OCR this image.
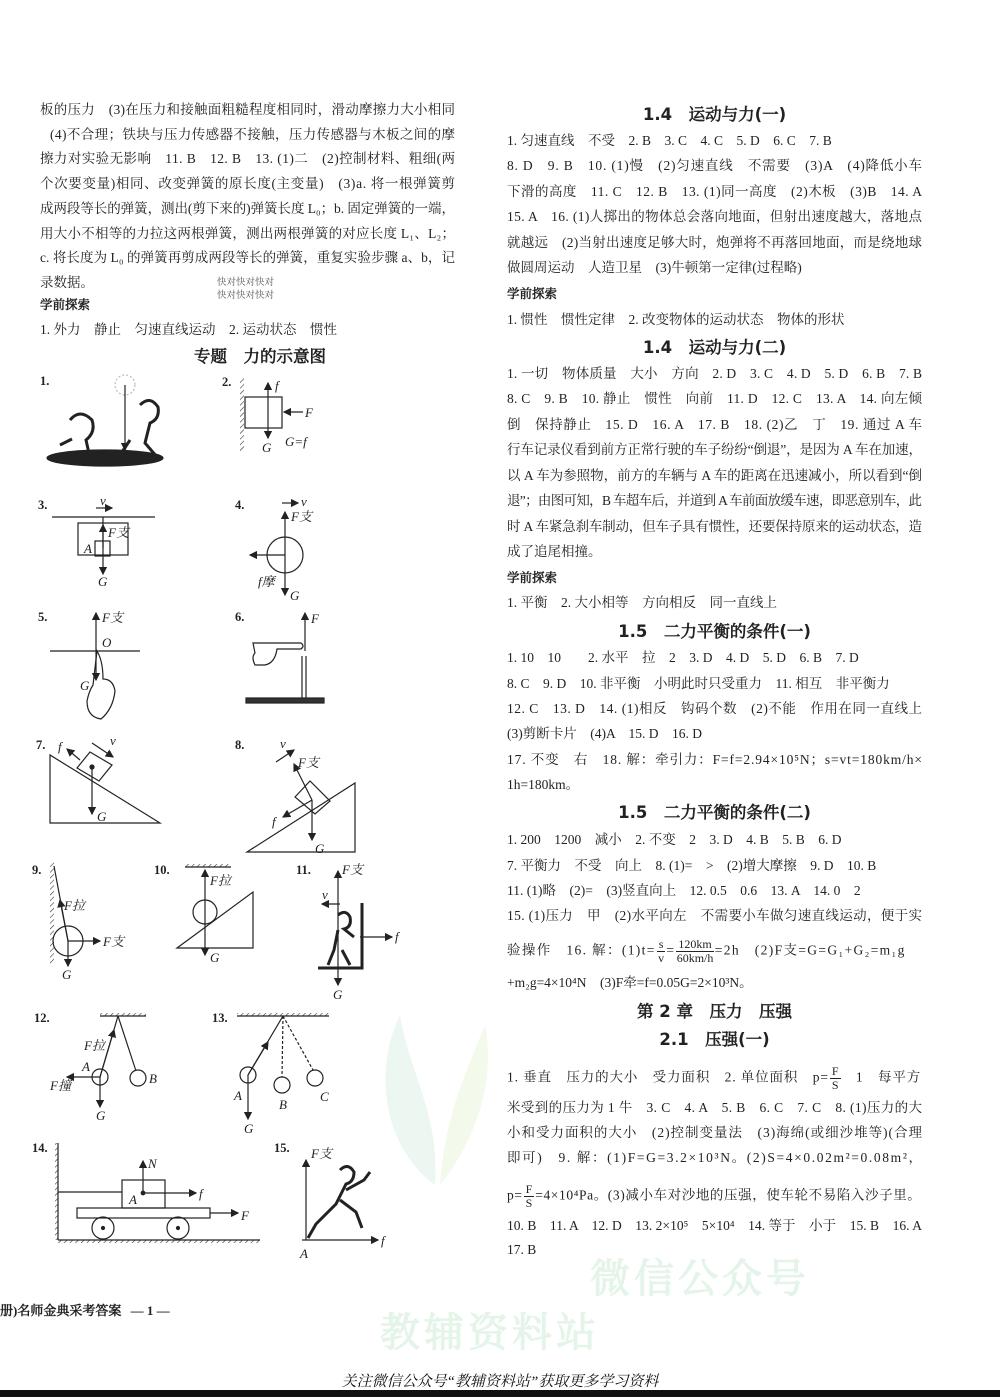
1.4　运动与力(一)
学前探索
1.4　运动与力(二)
学前探索
1.5　二力平衡的条件(一)
1.5　二力平衡的条件(二)
第 2 章　压力　压强
2.1　压强(一)
快对快对快对
快对快对快对
学前探索
专题　力的示意图
板的压力　(3)在压力和接触面粗糙程度相同时，滑动摩擦力大小相同
(4)不合理；铁块与压力传感器不接触，压力传感器与木板之间的摩
擦力对实验无影响　11. B　12. B　13. (1)二　(2)控制材料、粗细(两
个次要变量)相同、改变弹簧的原长度(主变量)　(3)a. 将一根弹簧剪
成两段等长的弹簧，测出(剪下来的)弹簧长度 L₀；b. 固定弹簧的一端，
用大小不相等的力拉这两根弹簧，测出两根弹簧的对应长度 L₁、L₂；
c. 将长度为 L₀ 的弹簧再剪成两段等长的弹簧，重复实验步骤 a、b，记
录数据。
1. 外力　静止　匀速直线运动　2. 运动状态　惯性
1. 匀速直线　不受　2. B　3. C　4. C　5. D　6. C　7. B
8. D　9. B　10. (1)慢　(2)匀速直线　不需要　(3)A　(4)降低小车
下滑的高度　11. C　12. B　13. (1)同一高度　(2)木板　(3)B　14. A
15. A　16. (1)人掷出的物体总会落向地面，但射出速度越大，落地点
就越远　(2)当射出速度足够大时，炮弹将不再落回地面，而是绕地球
做圆周运动　人造卫星　(3)牛顿第一定律(过程略)
1. 惯性　惯性定律　2. 改变物体的运动状态　物体的形状
1. 一切　物体质量　大小　方向　2. D　3. C　4. D　5. D　6. B　7. B
8. C　9. B　10. 静止　惯性　向前　11. D　12. C　13. A　14. 向左倾
倒　保持静止　15. D　16. A　17. B　18. (2)乙　丁　19. 通过 A 车
行车记录仪看到前方正常行驶的车子纷纷“倒退”，是因为 A 车在加速，
以 A 车为参照物，前方的车辆与 A 车的距离在迅速减小，所以看到“倒
退”；由图可知，B 车超车后，并道到 A 车前面放缓车速，即恶意别车，此
时 A 车紧急刹车制动，但车子具有惯性，还要保持原来的运动状态，造
成了追尾相撞。
1. 平衡　2. 大小相等　方向相反　同一直线上
1. 10　10　　2. 水平　拉　2　3. D　4. D　5. D　6. B　7. D
8. C　9. D　10. 非平衡　小明此时只受重力　11. 相互　非平衡力
12. C　13. D　14. (1)相反　钩码个数　(2)不能　作用在同一直线上
(3)剪断卡片　(4)A　15. D　16. D
17. 不变　右　18. 解：牵引力：F=f=2.94×10⁵N；s=vt=180km/h×
1h=180km。
1. 200　1200　减小　2. 不变　2　3. D　4. B　5. B　6. D
7. 平衡力　不受　向上　8. (1)=　>　(2)增大摩擦　9. D　10. B
11. (1)略　(2)=　(3)竖直向上　12. 0.5　0.6　13. A　14. 0　2
15. (1)压力　甲　(2)水平向左　不需要小车做匀速直线运动，便于实
验操作　16. 解：$(1)t= \frac{s}{v} = \frac{120km}{60km/h} =2h$　(2)F支=G=G₁+G₂=m₁g
+m₂g=4×10⁴N　(3)F牵=f=0.05G=2×10³N。
1. 垂直　压力的大小　受力面积　2. 单位面积　$p= \frac{F}{S}$ 　1　每平方
米受到的压力为 1 牛　3. C　4. A　5. B　6. C　7. C　8. (1)压力的大
小和受力面积的大小　(2)控制变量法　(3)海绵(或细沙堆等)(合理
即可)　9. 解：(1)F=G=3.2×10³N。(2)S=4×0.02m²=0.08m²，
$p= \frac{F}{S} =4\times 10^4Pa$。(3)减小车对沙地的压强，使车轮不易陷入沙子里。
10. B　11. A　12. D　13. 2×10⁵　5×10⁴　14. 等于　小于　15. B　16. A
17. B
微信公众号
教辅资料站
1.
G
2.	f
F
G G=f
3.	v
F支
A
G
4.	v
F支
f摩
G
5.	F支
O
G
6.	F
7. f	v
G
8.	v
F支
f
G
9.
F拉
F支
G
10.
F拉
G
11. F支
v
f
G
12.
F拉
A
F撞	B
G
13.
A
B
C
G
14.
N
A	f
F
15. F支
f
A
册)名师金典采考答案 — 1 —
关注微信公众号“教辅资料站”获取更多学习资料
